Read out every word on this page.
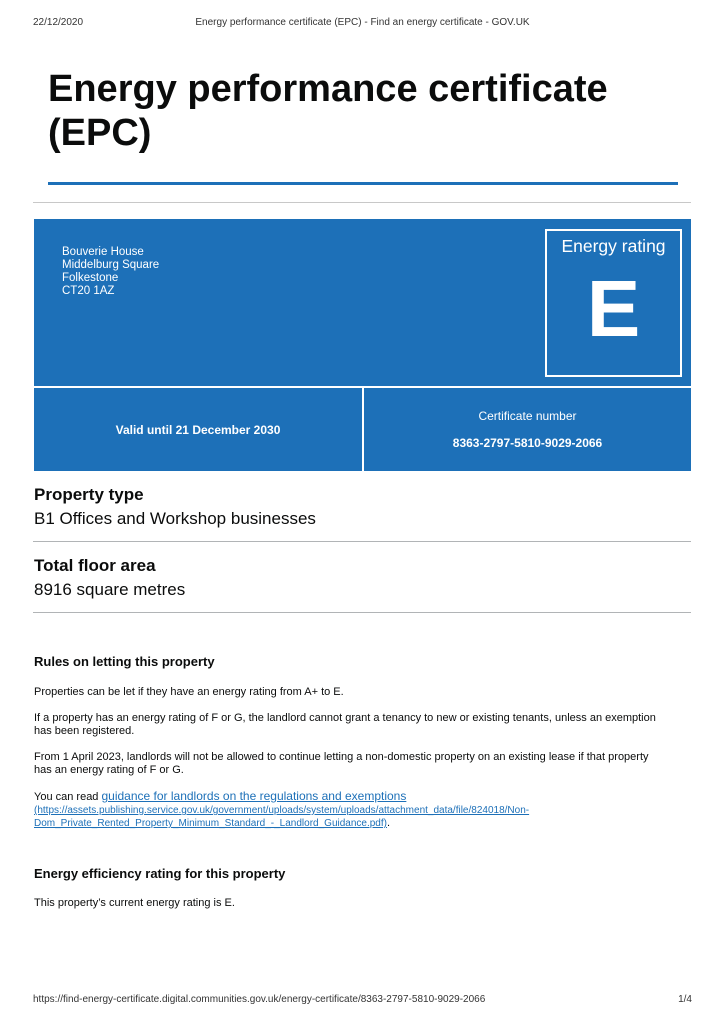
22/12/2020	Energy performance certificate (EPC) - Find an energy certificate - GOV.UK
Energy performance certificate (EPC)
Bouverie House
Middelburg Square
Folkestone
CT20 1AZ
Energy rating
E
Valid until 21 December 2030
Certificate number
8363-2797-5810-9029-2066
Property type
B1 Offices and Workshop businesses
Total floor area
8916 square metres
Rules on letting this property

Properties can be let if they have an energy rating from A+ to E.

If a property has an energy rating of F or G, the landlord cannot grant a tenancy to new or existing tenants, unless an exemption has been registered.

From 1 April 2023, landlords will not be allowed to continue letting a non-domestic property on an existing lease if that property has an energy rating of F or G.

You can read guidance for landlords on the regulations and exemptions
(https://assets.publishing.service.gov.uk/government/uploads/system/uploads/attachment_data/file/824018/Non-Dom_Private_Rented_Property_Minimum_Standard_-_Landlord_Guidance.pdf).

Energy efficiency rating for this property

This property’s current energy rating is E.

https://find-energy-certificate.digital.communities.gov.uk/energy-certificate/8363-2797-5810-9029-2066	1/4
